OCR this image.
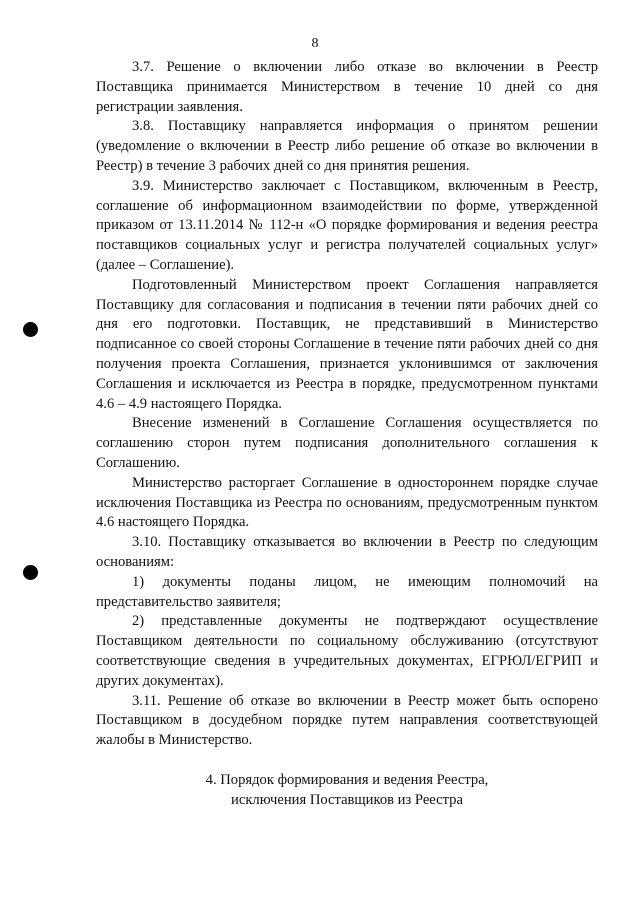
8

3.7. Решение о включении либо отказе во включении в Реестр Поставщика принимается Министерством в течение 10 дней со дня регистрации заявления.

3.8. Поставщику направляется информация о принятом решении (уведомление о включении в Реестр либо решение об отказе во включении в Реестр) в течение 3 рабочих дней со дня принятия решения.

3.9. Министерство заключает с Поставщиком, включенным в Реестр, соглашение об информационном взаимодействии по форме, утвержденной приказом от 13.11.2014 № 112-н «О порядке формирования и ведения реестра поставщиков социальных услуг и регистра получателей социальных услуг» (далее – Соглашение).

Подготовленный Министерством проект Соглашения направляется Поставщику для согласования и подписания в течении пяти рабочих дней со дня его подготовки. Поставщик, не представивший в Министерство подписанное со своей стороны Соглашение в течение пяти рабочих дней со дня получения проекта Соглашения, признается уклонившимся от заключения Соглашения и исключается из Реестра в порядке, предусмотренном пунктами 4.6 – 4.9 настоящего Порядка.

Внесение изменений в Соглашение Соглашения осуществляется по соглашению сторон путем подписания дополнительного соглашения к Соглашению.

Министерство расторгает Соглашение в одностороннем порядке случае исключения Поставщика из Реестра по основаниям, предусмотренным пунктом 4.6 настоящего Порядка.

3.10. Поставщику отказывается во включении в Реестр по следующим основаниям:

1) документы поданы лицом, не имеющим полномочий на представительство заявителя;

2) представленные документы не подтверждают осуществление Поставщиком деятельности по социальному обслуживанию (отсутствуют соответствующие сведения в учредительных документах, ЕГРЮЛ/ЕГРИП и других документах).

3.11. Решение об отказе во включении в Реестр может быть оспорено Поставщиком в досудебном порядке путем направления соответствующей жалобы в Министерство.

4. Порядок формирования и ведения Реестра,
исключения Поставщиков из Реестра
